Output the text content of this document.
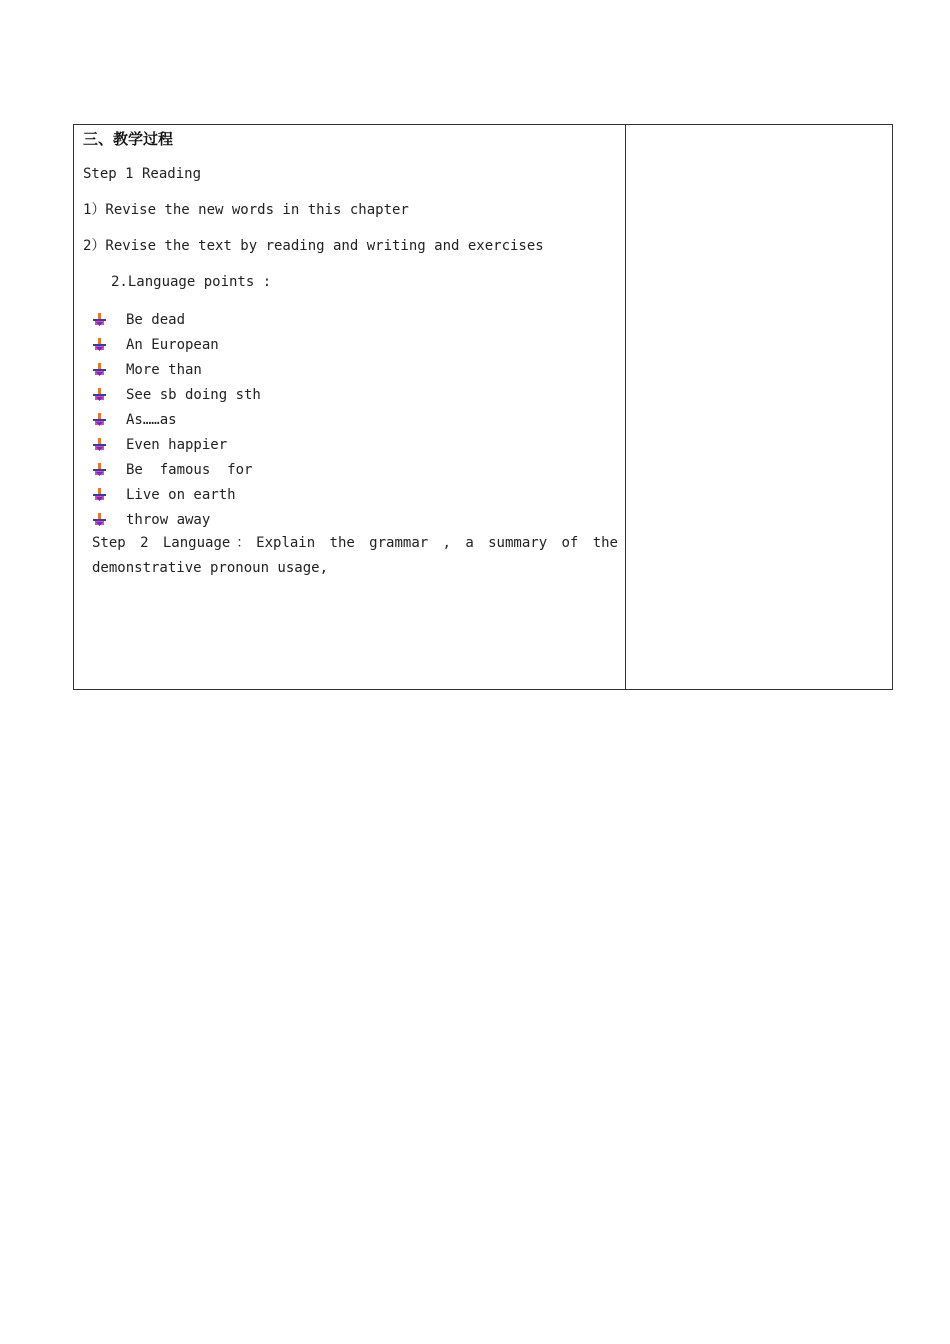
三、教学过程
Step 1 Reading
1）Revise the new words in this chapter
2）Revise the text by reading and writing and exercises
2.Language points :
Be dead
An European
More than
See sb doing sth
As……as
Even happier
Be  famous  for
Live on earth
throw away
Step 2 Language：Explain the grammar , a summary of the
demonstrative pronoun usage,
